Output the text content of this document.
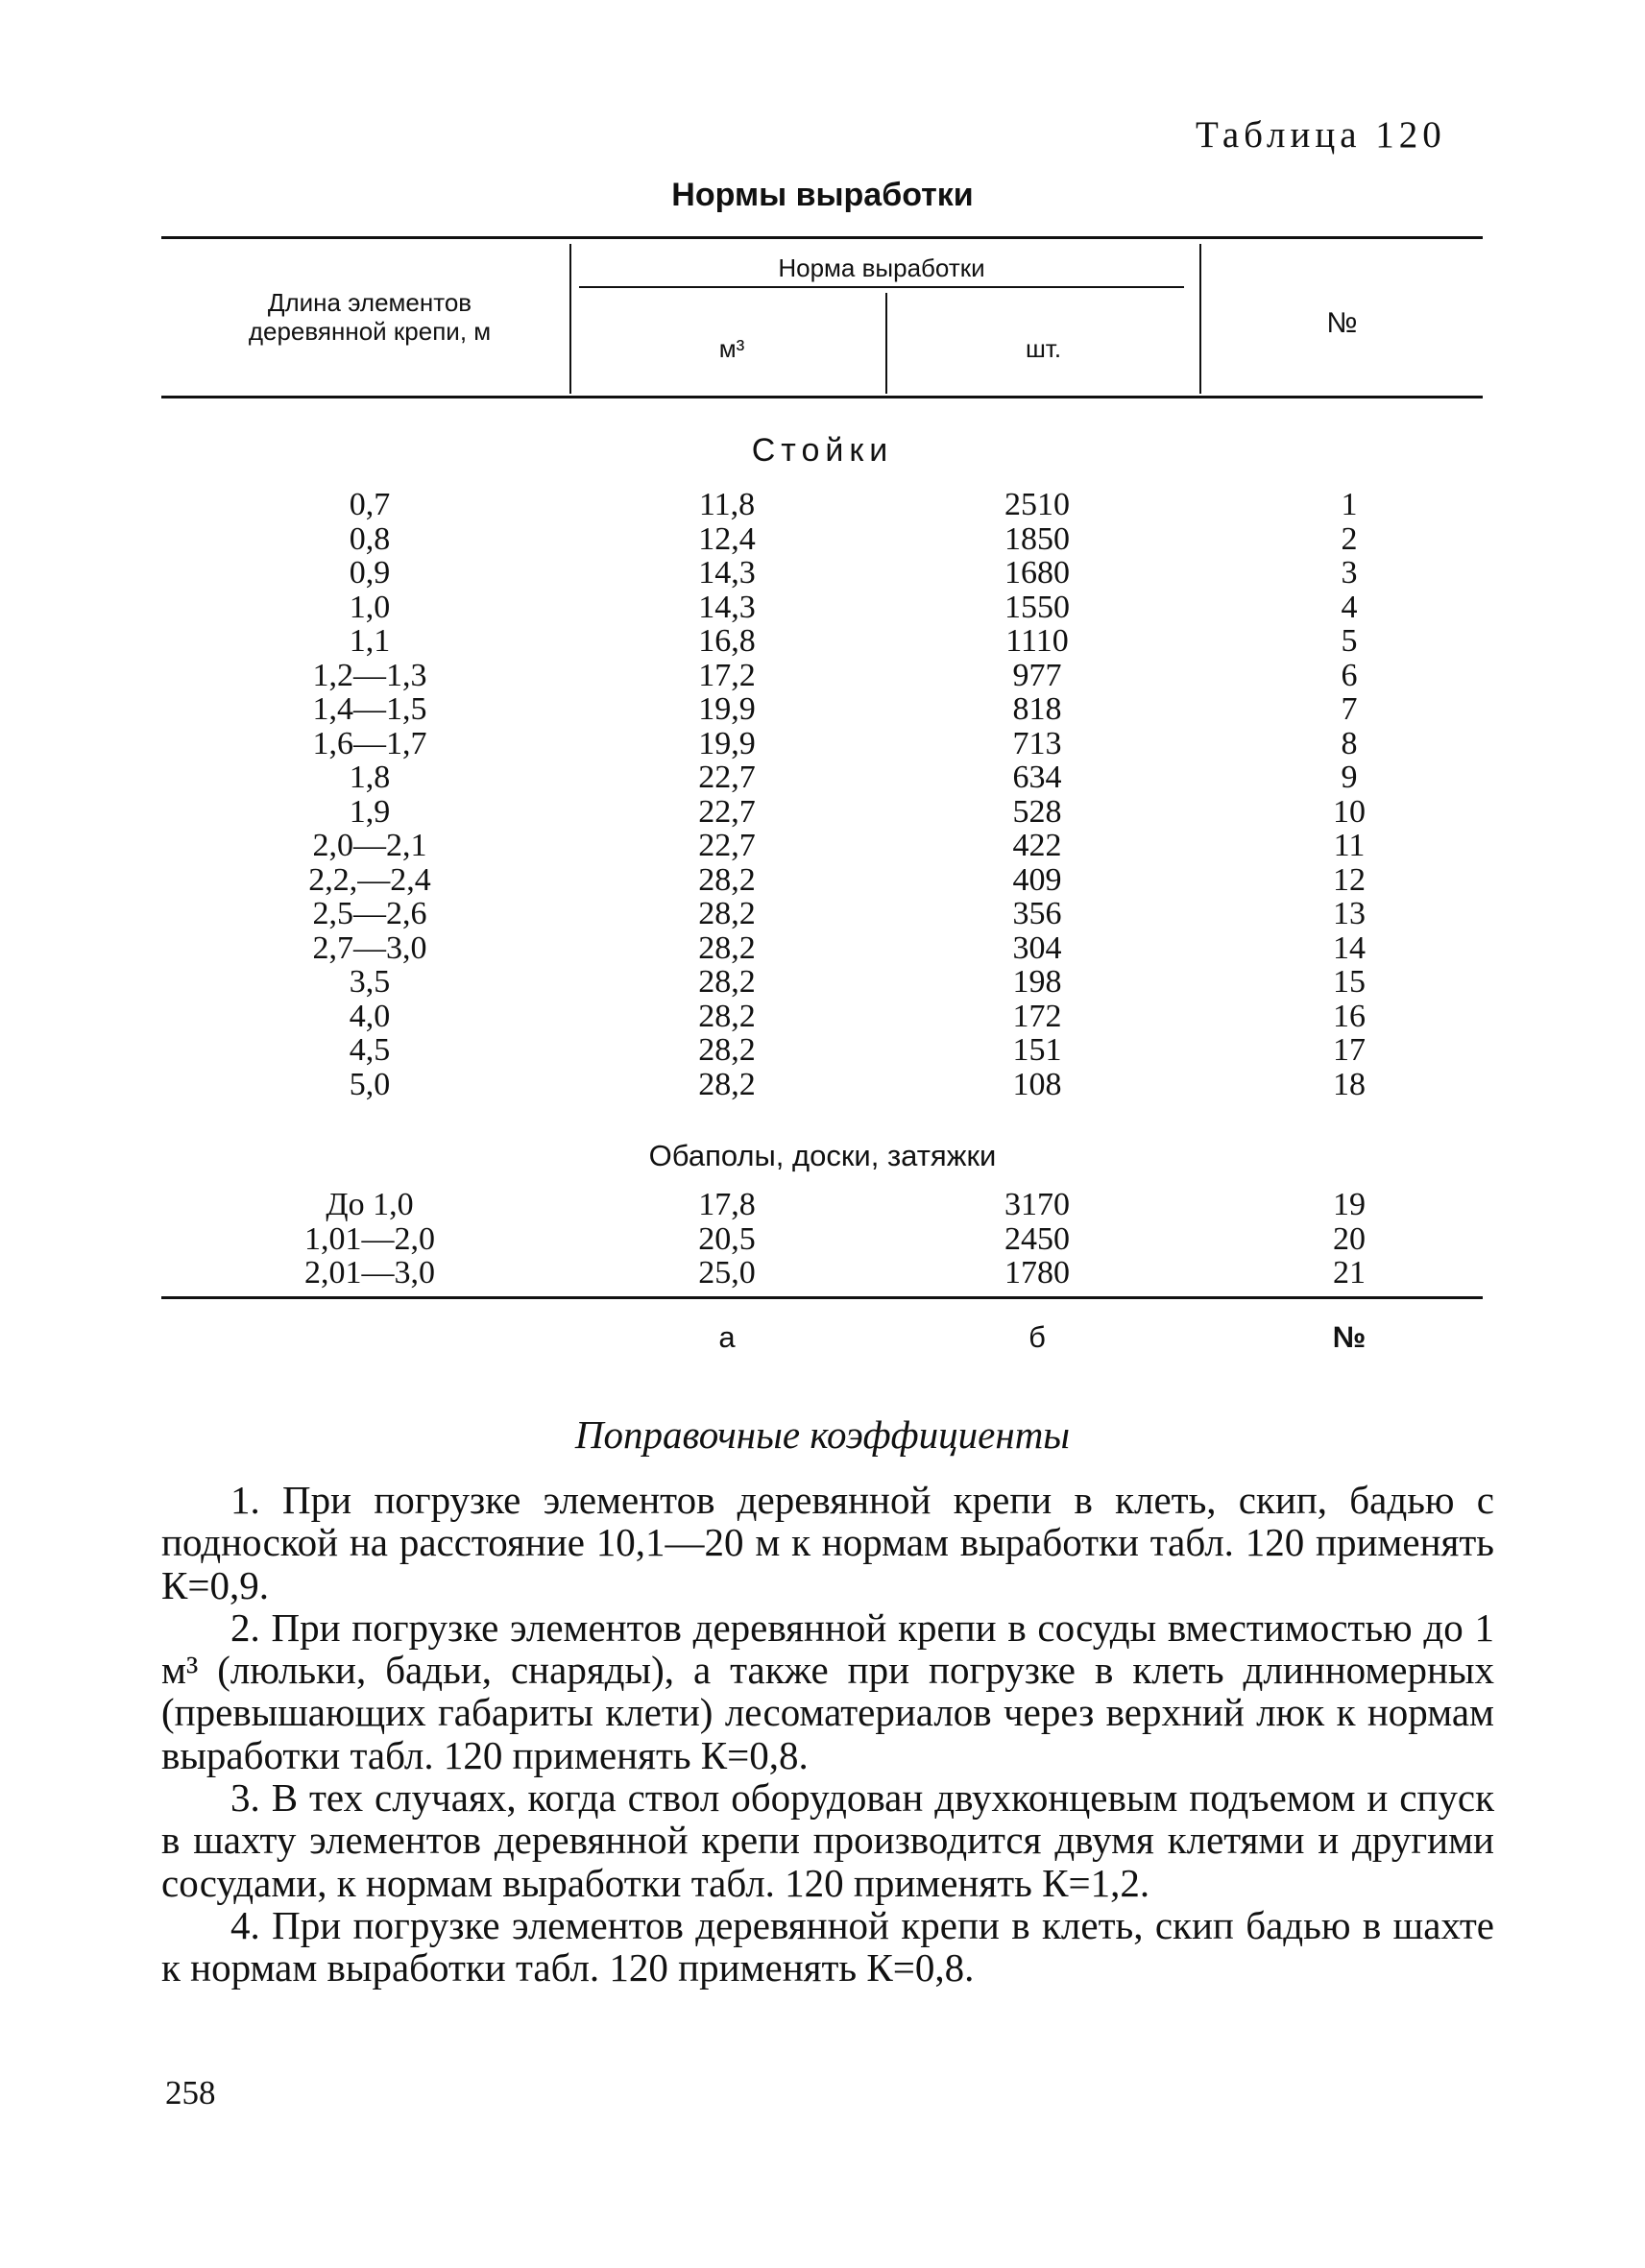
Таблица 120
Нормы выработки
Длина элементов
деревянной крепи, м
Норма выработки
м³	шт.
№
Стойки
0,7	11,8	2510	1
0,8	12,4	1850	2
0,9	14,3	1680	3
1,0	14,3	1550	4
1,1	16,8	1110	5
1,2—1,3	17,2	977	6
1,4—1,5	19,9	818	7
1,6—1,7	19,9	713	8
1,8	22,7	634	9
1,9	22,7	528	10
2,0—2,1	22,7	422	11
2,2,—2,4	28,2	409	12
2,5—2,6	28,2	356	13
2,7—3,0	28,2	304	14
3,5	28,2	198	15
4,0	28,2	172	16
4,5	28,2	151	17
5,0	28,2	108	18
Обаполы, доски, затяжки
До 1,0	17,8	3170	19
1,01—2,0	20,5	2450	20
2,01—3,0	25,0	1780	21
а	б	№
Поправочные коэффициенты

1. При погрузке элементов деревянной крепи в клеть, скип, бадью с подноской на расстояние 10,1—20 м к нормам выработки табл. 120 применять К=0,9.

2. При погрузке элементов деревянной крепи в сосуды вместимостью до 1 м³ (люльки, бадьи, снаряды), а также при погрузке в клеть длинномерных (превышающих габариты клети) лесоматериалов через верхний люк к нормам выработки табл. 120 применять К=0,8.

3. В тех случаях, когда ствол оборудован двухконцевым подъемом и спуск в шахту элементов деревянной крепи производится двумя клетями и другими сосудами, к нормам выработки табл. 120 применять К=1,2.

4. При погрузке элементов деревянной крепи в клеть, скип бадью в шахте к нормам выработки табл. 120 применять К=0,8.

258
